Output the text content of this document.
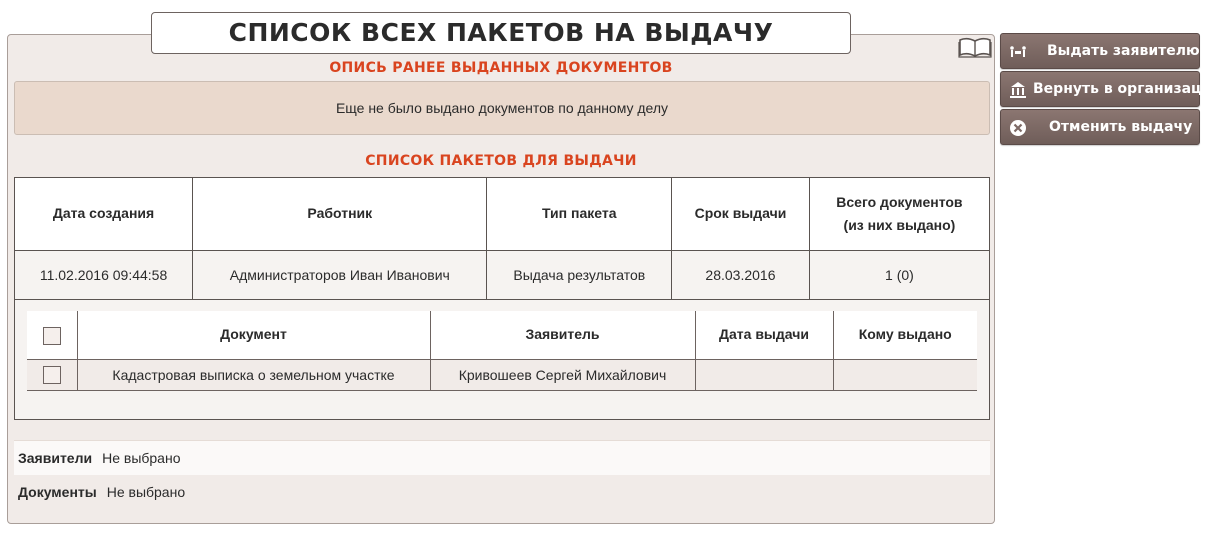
ОПИСЬ РАНЕЕ ВЫДАННЫХ ДОКУМЕНТОВ
Еще не было выдано документов по данному делу
СПИСОК ПАКЕТОВ ДЛЯ ВЫДАЧИ
Дата создания	Работник	Тип пакета	Срок выдачи	Всего документов
(из них выдано)
11.02.2016 09:44:58	Администраторов Иван Иванович	Выдача результатов	28.03.2016	1 (0)
	Документ	Заявитель	Дата выдачи	Кому выдано
	Кадастровая выписка о земельном участке	Кривошеев Сергей Михайлович		
Заявители Не выбрано
Документы Не выбрано
СПИСОК ВСЕХ ПАКЕТОВ НА ВЫДАЧУ
Выдать заявителю
Вернуть в организацию
Отменить выдачу
